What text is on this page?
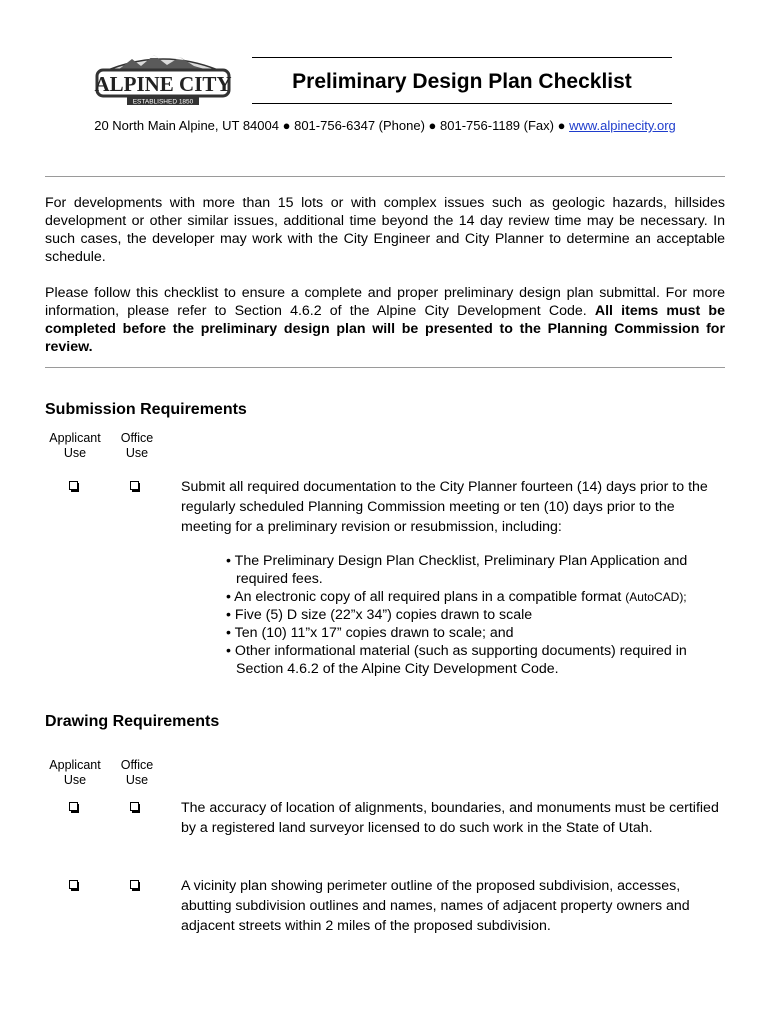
ALPINE CITY
ESTABLISHED 1850
Preliminary Design Plan Checklist
20 North Main Alpine, UT 84004 ● 801-756-6347 (Phone) ● 801-756-1189 (Fax) ● www.alpinecity.org
For developments with more than 15 lots or with complex issues such as geologic hazards, hillsides development or other similar issues, additional time beyond the 14 day review time may be necessary. In such cases, the developer may work with the City Engineer and City Planner to determine an acceptable schedule.
Please follow this checklist to ensure a complete and proper preliminary design plan submittal. For more information, please refer to Section 4.6.2 of the Alpine City Development Code. All items must be completed before the preliminary design plan will be presented to the Planning Commission for review.
Submission Requirements
Applicant Use
Office Use
Submit all required documentation to the City Planner fourteen (14) days prior to the regularly scheduled Planning Commission meeting or ten (10) days prior to the meeting for a preliminary revision or resubmission, including:
• The Preliminary Design Plan Checklist, Preliminary Plan Application and required fees.
• An electronic copy of all required plans in a compatible format (AutoCAD);
• Five (5) D size (22”x 34”) copies drawn to scale
• Ten (10) 11”x 17” copies drawn to scale; and
• Other informational material (such as supporting documents) required in Section 4.6.2 of the Alpine City Development Code.
Drawing Requirements
Applicant Use
Office Use
The accuracy of location of alignments, boundaries, and monuments must be certified by a registered land surveyor licensed to do such work in the State of Utah.
A vicinity plan showing perimeter outline of the proposed subdivision, accesses, abutting subdivision outlines and names, names of adjacent property owners and adjacent streets within 2 miles of the proposed subdivision.
